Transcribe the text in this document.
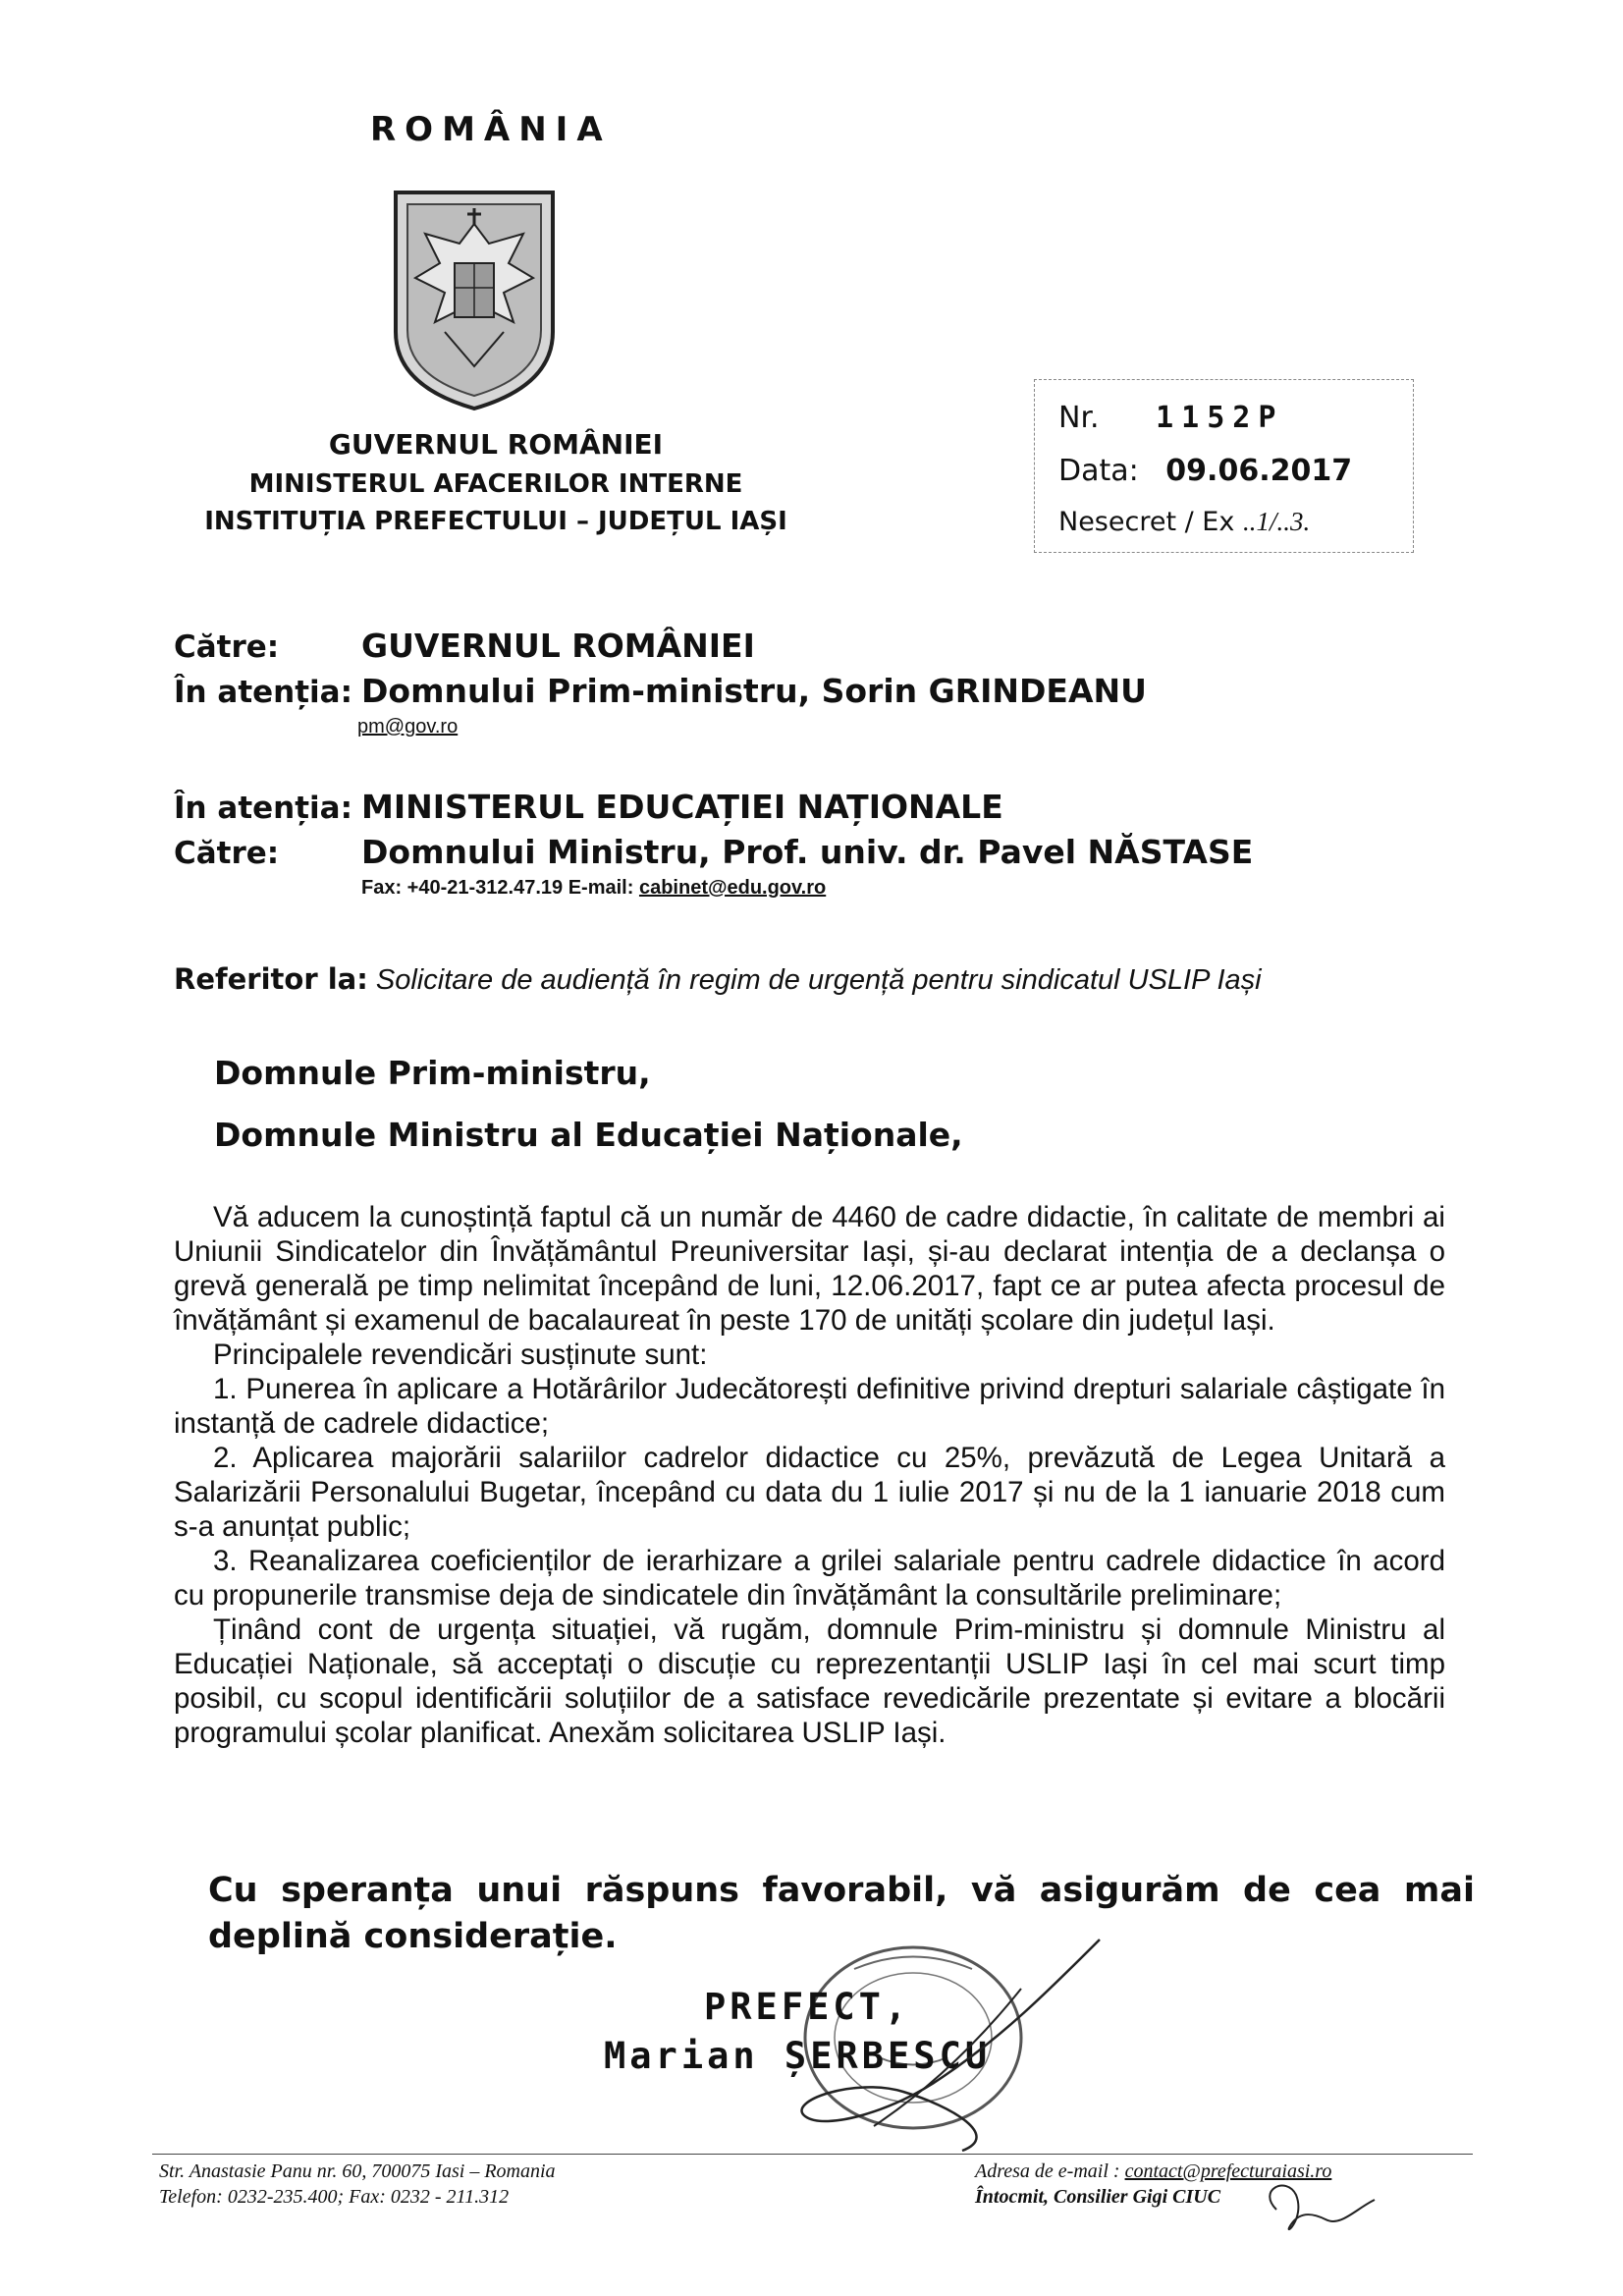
ROMÂNIA
GUVERNUL ROMÂNIEI
MINISTERUL AFACERILOR INTERNE
INSTITUȚIA PREFECTULUI – JUDEȚUL IAȘI
Nr. 1152P
Data: 09.06.2017
Nesecret / Ex ..1/..3.
Către:	GUVERNUL ROMÂNIEI
În atenția: Domnului Prim-ministru, Sorin GRINDEANU
pm@gov.ro
În atenția: MINISTERUL EDUCAȚIEI NAȚIONALE
Către:	Domnului Ministru, Prof. univ. dr. Pavel NĂSTASE
Fax: +40-21-312.47.19 E-mail: cabinet@edu.gov.ro
Referitor la: Solicitare de audiență în regim de urgență pentru sindicatul USLIP Iași
Domnule Prim-ministru,
Domnule Ministru al Educației Naționale,

Vă aducem la cunoștință faptul că un număr de 4460 de cadre didactie, în calitate de membri ai Uniunii Sindicatelor din Învățământul Preuniversitar Iași, și-au declarat intenția de a declanșa o grevă generală pe timp nelimitat începând de luni, 12.06.2017, fapt ce ar putea afecta procesul de învățământ și examenul de bacalaureat în peste 170 de unități școlare din județul Iași.

Principalele revendicări susținute sunt:

1. Punerea în aplicare a Hotărârilor Judecătorești definitive privind drepturi salariale câștigate în instanță de cadrele didactice;

2. Aplicarea majorării salariilor cadrelor didactice cu 25%, prevăzută de Legea Unitară a Salarizării Personalului Bugetar, începând cu data du 1 iulie 2017 și nu de la 1 ianuarie 2018 cum s-a anunțat public;

3. Reanalizarea coeficienților de ierarhizare a grilei salariale pentru cadrele didactice în acord cu propunerile transmise deja de sindicatele din învățământ la consultările preliminare;

Ținând cont de urgența situației, vă rugăm, domnule Prim-ministru și domnule Ministru al Educației Naționale, să acceptați o discuție cu reprezentanții USLIP Iași în cel mai scurt timp posibil, cu scopul identificării soluțiilor de a satisface revedicările prezentate și evitare a blocării programului școlar planificat. Anexăm solicitarea USLIP Iași.

Cu speranța unui răspuns favorabil, vă asigurăm de cea mai deplină considerație.
PREFECT,
Marian ȘERBESCU
Str. Anastasie Panu nr. 60, 700075 Iasi – Romania
Telefon: 0232-235.400; Fax: 0232 - 211.312
Adresa de e-mail : contact@prefecturaiasi.ro
Întocmit, Consilier Gigi CIUC
